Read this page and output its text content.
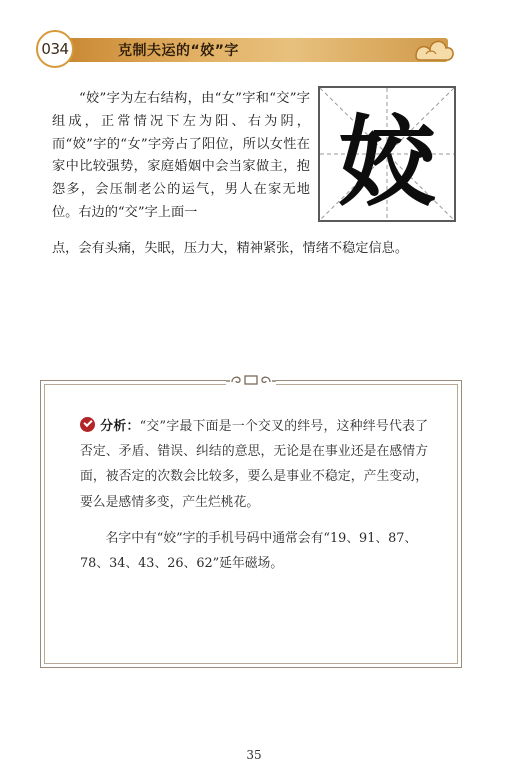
034	克制夫运的“姣”字
　　“姣”字为左右结构，由“女”字和“交”字组成，正常情况下左为阳、右为阴，而“姣”字的“女”字旁占了阳位，所以女性在家中比较强势，家庭婚姻中会当家做主，抱怨多，会压制老公的运气，男人在家无地位。右边的“交”字上面一
点，会有头痛，失眠，压力大，精神紧张，情绪不稳定信息。
姣
分析：“交”字最下面是一个交叉的绊号，这种绊号代表了否定、矛盾、错误、纠结的意思，无论是在事业还是在感情方面，被否定的次数会比较多，要么是事业不稳定，产生变动，要么是感情多变，产生烂桃花。
　　名字中有“姣”字的手机号码中通常会有“19、91、87、78、34、43、26、62”延年磁场。
35
